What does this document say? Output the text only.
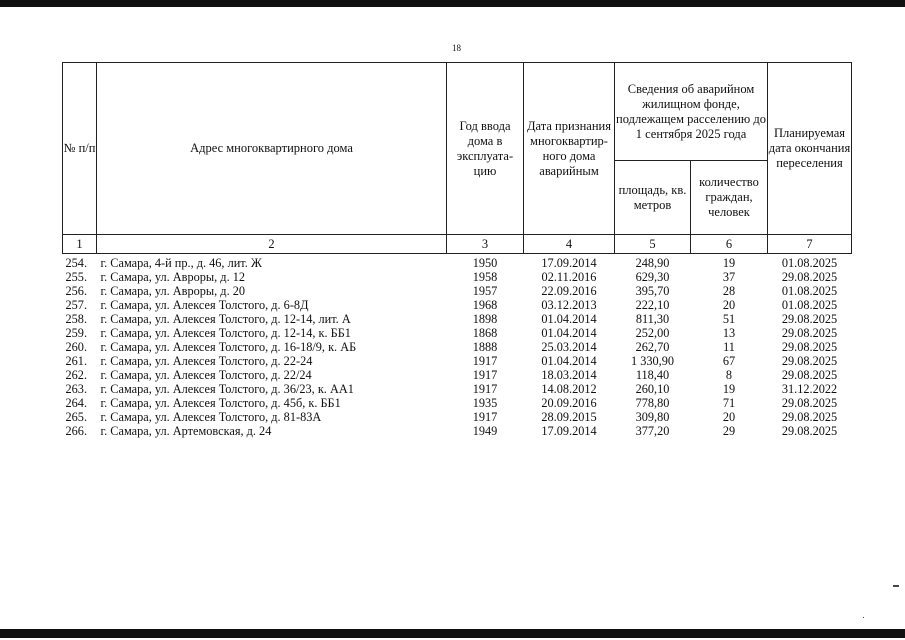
18
№ п/п	Адрес многоквартирного дома	Год ввода дома в эксплуата-цию	Дата признания многоквартир-ного дома аварийным	Сведения об аварийном жилищном фонде, подлежащем расселению до 1 сентября 2025 года		Планируемая дата окончания переселения
				площадь, кв. метров	количество граждан, человек	
1	2	3	4	5	6	7
254.	г. Самара, 4-й пр., д. 46, лит. Ж	1950	17.09.2014	248,90	19	01.08.2025
255.	г. Самара, ул. Авроры, д. 12	1958	02.11.2016	629,30	37	29.08.2025
256.	г. Самара, ул. Авроры, д. 20	1957	22.09.2016	395,70	28	01.08.2025
257.	г. Самара, ул. Алексея Толстого, д. 6-8Д	1968	03.12.2013	222,10	20	01.08.2025
258.	г. Самара, ул. Алексея Толстого, д. 12-14, лит. А	1898	01.04.2014	811,30	51	29.08.2025
259.	г. Самара, ул. Алексея Толстого, д. 12-14, к. ББ1	1868	01.04.2014	252,00	13	29.08.2025
260.	г. Самара, ул. Алексея Толстого, д. 16-18/9, к. АБ	1888	25.03.2014	262,70	11	29.08.2025
261.	г. Самара, ул. Алексея Толстого, д. 22-24	1917	01.04.2014	1 330,90	67	29.08.2025
262.	г. Самара, ул. Алексея Толстого, д. 22/24	1917	18.03.2014	118,40	8	29.08.2025
263.	г. Самара, ул. Алексея Толстого, д. 36/23, к. АА1	1917	14.08.2012	260,10	19	31.12.2022
264.	г. Самара, ул. Алексея Толстого, д. 45б, к. ББ1	1935	20.09.2016	778,80	71	29.08.2025
265.	г. Самара, ул. Алексея Толстого, д. 81-83А	1917	28.09.2015	309,80	20	29.08.2025
266.	г. Самара, ул. Артемовская, д. 24	1949	17.09.2014	377,20	29	29.08.2025
